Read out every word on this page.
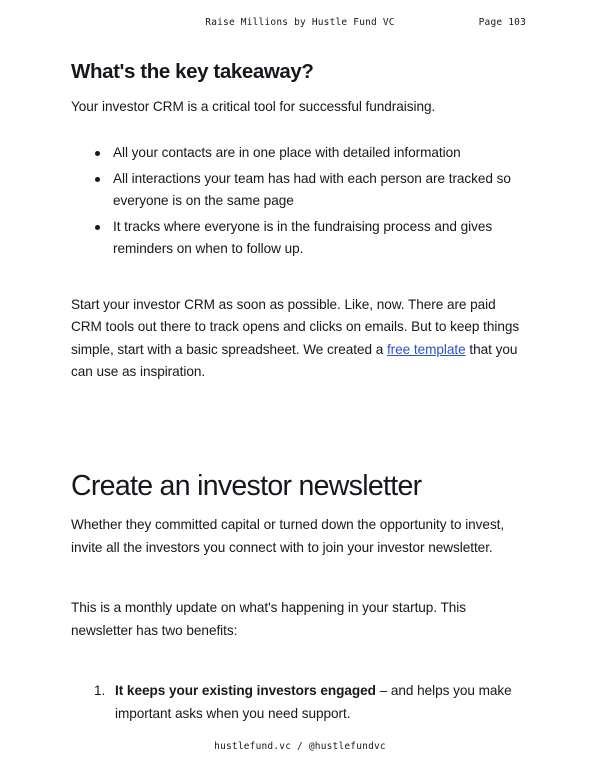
Raise Millions by Hustle Fund VC	Page 103
What's the key takeaway?

Your investor CRM is a critical tool for successful fundraising.

All your contacts are in one place with detailed information
All interactions your team has had with each person are tracked so everyone is on the same page
It tracks where everyone is in the fundraising process and gives reminders on when to follow up.

Start your investor CRM as soon as possible. Like, now. There are paid CRM tools out there to track opens and clicks on emails. But to keep things simple, start with a basic spreadsheet. We created a free template that you can use as inspiration.

Create an investor newsletter

Whether they committed capital or turned down the opportunity to invest, invite all the investors you connect with to join your investor newsletter.

This is a monthly update on what's happening in your startup. This newsletter has two benefits:

It keeps your existing investors engaged – and helps you make important asks when you need support.
hustlefund.vc / @hustlefundvc
